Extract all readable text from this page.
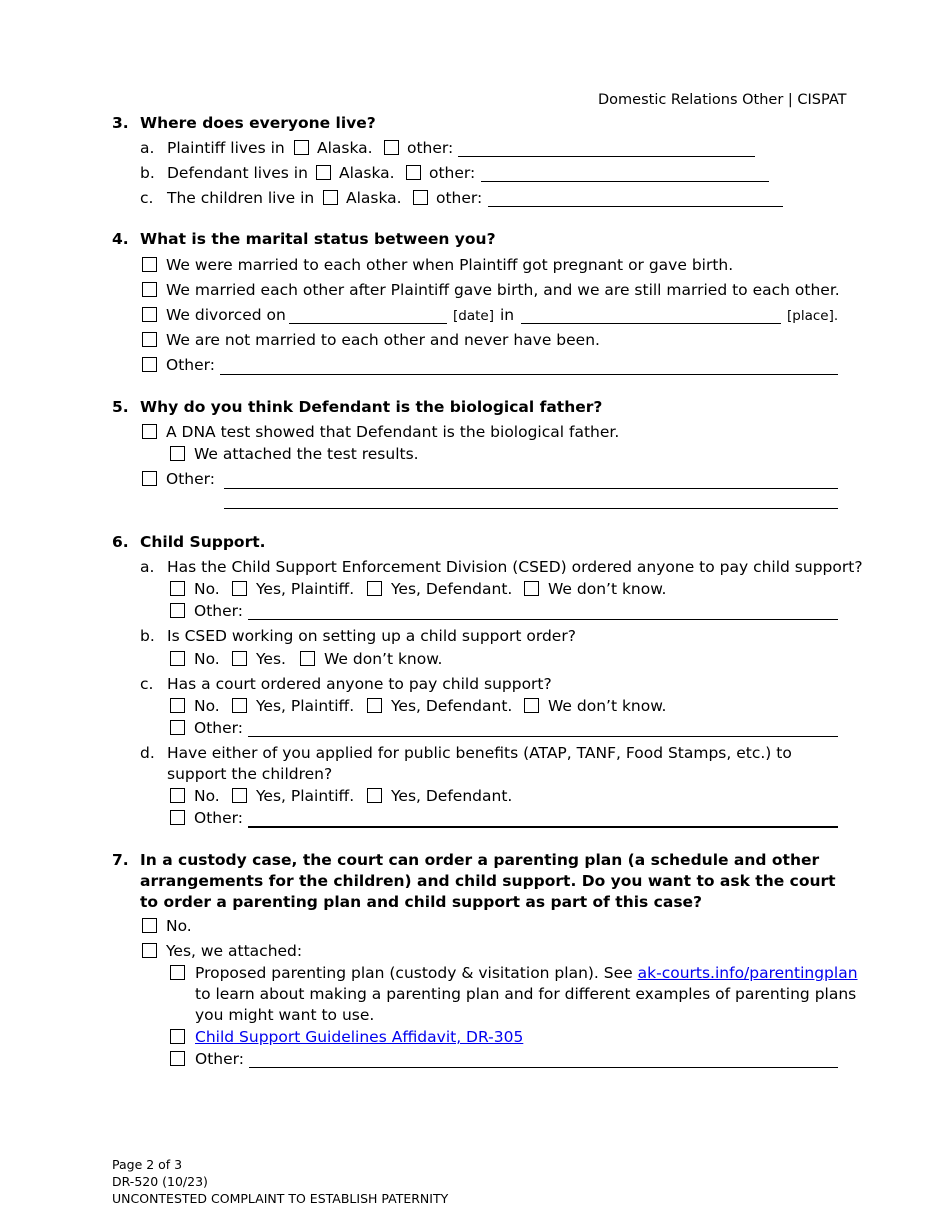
Domestic Relations Other | CISPAT
3. Where does everyone live?
a. Plaintiff lives in Alaska. other:
b. Defendant lives in Alaska. other:
c. The children live in Alaska. other:
4. What is the marital status between you?
We were married to each other when Plaintiff got pregnant or gave birth.
We married each other after Plaintiff gave birth, and we are still married to each other.
We divorced on	[date] in	[place].
We are not married to each other and never have been.
Other:
5. Why do you think Defendant is the biological father?
A DNA test showed that Defendant is the biological father.
We attached the test results.
Other:
6. Child Support.
a. Has the Child Support Enforcement Division (CSED) ordered anyone to pay child support?
No. Yes, Plaintiff. Yes, Defendant. We don’t know.
Other:
b. Is CSED working on setting up a child support order?
No. Yes. We don’t know.
c. Has a court ordered anyone to pay child support?
No. Yes, Plaintiff. Yes, Defendant. We don’t know.
Other:
d. Have either of you applied for public benefits (ATAP, TANF, Food Stamps, etc.) to
support the children?
No. Yes, Plaintiff. Yes, Defendant.
Other:
7. In a custody case, the court can order a parenting plan (a schedule and other
arrangements for the children) and child support. Do you want to ask the court
to order a parenting plan and child support as part of this case?
No.
Yes, we attached:
Proposed parenting plan (custody & visitation plan). See ak-courts.info/parentingplan
to learn about making a parenting plan and for different examples of parenting plans
you might want to use.
Child Support Guidelines Affidavit, DR-305
Other:
Page 2 of 3
DR-520 (10/23)
UNCONTESTED COMPLAINT TO ESTABLISH PATERNITY
